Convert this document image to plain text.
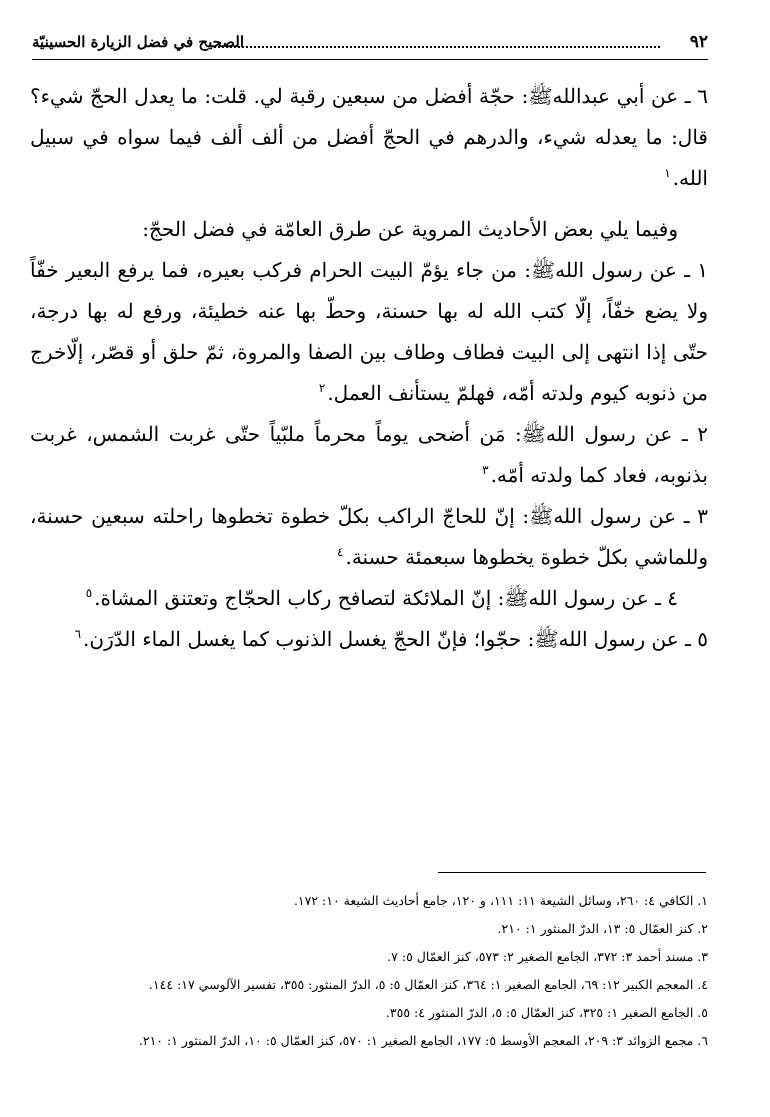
٩٢
الصحيح في فضل الزيارة الحسينيّة

٦ ـ عن أبي عبدالله‏ﷺ: حجّة أفضل من سبعين رقبة لي. قلت: ما يعدل الحجّ شيء؟ قال: ما يعدله شيء، والدرهم في الحجّ أفضل من ألف ألف فيما سواه في سبيل الله.$^١$

وفيما يلي بعض الأحاديث المروية عن طرق العامّة في فضل الحجّ:

١ ـ عن رسول الله‏ﷺ: من جاء يؤمّ البيت الحرام فركب بعيره، فما يرفع البعير خفّاً ولا يضع خفّاً، إلّا كتب الله له بها حسنة، وحطّ بها عنه خطيئة، ورفع له بها درجة، حتّى إذا انتهى إلى البيت فطاف وطاف بين الصفا والمروة، ثمّ حلق أو قصّر، إلّاخرج من ذنوبه كيوم ولدته أمّه، فهلمّ يستأنف العمل.$^٢$

٢ ـ عن رسول الله‏ﷺ: مَن أضحى يوماً محرماً ملبّياً حتّى غربت الشمس، غربت بذنوبه، فعاد كما ولدته أمّه.$^٣$

٣ ـ عن رسول الله‏ﷺ: إنّ للحاجّ الراكب بكلّ خطوة تخطوها راحلته سبعين حسنة، وللماشي بكلّ خطوة يخطوها سبعمئة حسنة.$^٤$

٤ ـ عن رسول الله‏ﷺ: إنّ الملائكة لتصافح ركاب الحجّاج وتعتنق المشاة.$^٥$

٥ ـ عن رسول الله‏ﷺ: حجّوا؛ فإنّ الحجّ يغسل الذنوب كما يغسل الماء الدّرَن.$^٦$

١. الكافي ٤: ٢٦٠، وسائل الشيعة ١١: ١١١، و ١٢٠، جامع أحاديث الشيعة ١٠: ١٧٢.

٢. كنز العمّال ٥: ١٣، الدرّ المنثور ١: ٢١٠.

٣. مسند أحمد ٣: ٣٧٢، الجامع الصغير ٢: ٥٧٣، كنز العمّال ٥: ٧.

٤. المعجم الكبير ١٢: ٦٩، الجامع الصغير ١: ٣٦٤، كنز العمّال ٥: ٥، الدرّ المنثور: ٣٥٥، تفسير الآلوسي ١٧: ١٤٤.

٥. الجامع الصغير ١: ٣٢٥، كنز العمّال ٥: ٥، الدرّ المنثور ٤: ٣٥٥.

٦. مجمع الزوائد ٣: ٢٠٩، المعجم الأوسط ٥: ١٧٧، الجامع الصغير ١: ٥٧٠، كنز العمّال ٥: ١٠، الدرّ المنثور ١: ٢١٠.
